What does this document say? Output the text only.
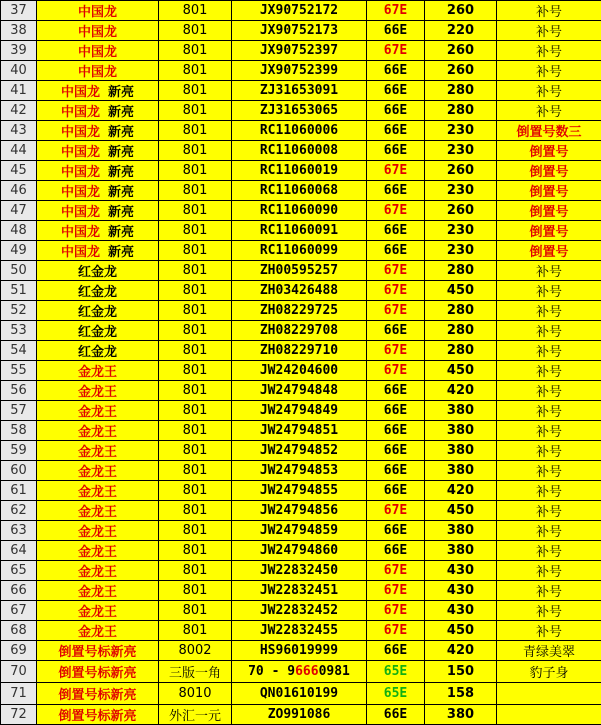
37	中国龙	801	JX90752172	67E	260	补号
38	中国龙	801	JX90752173	66E	220	补号
39	中国龙	801	JX90752397	67E	260	补号
40	中国龙	801	JX90752399	66E	260	补号
41	中国龙 新亮	801	ZJ31653091	66E	280	补号
42	中国龙 新亮	801	ZJ31653065	66E	280	补号
43	中国龙 新亮	801	RC11060006	66E	230	倒置号数三
44	中国龙 新亮	801	RC11060008	66E	230	倒置号
45	中国龙 新亮	801	RC11060019	67E	260	倒置号
46	中国龙 新亮	801	RC11060068	66E	230	倒置号
47	中国龙 新亮	801	RC11060090	67E	260	倒置号
48	中国龙 新亮	801	RC11060091	66E	230	倒置号
49	中国龙 新亮	801	RC11060099	66E	230	倒置号
50	红金龙	801	ZH00595257	67E	280	补号
51	红金龙	801	ZH03426488	67E	450	补号
52	红金龙	801	ZH08229725	67E	280	补号
53	红金龙	801	ZH08229708	66E	280	补号
54	红金龙	801	ZH08229710	67E	280	补号
55	金龙王	801	JW24204600	67E	450	补号
56	金龙王	801	JW24794848	66E	420	补号
57	金龙王	801	JW24794849	66E	380	补号
58	金龙王	801	JW24794851	66E	380	补号
59	金龙王	801	JW24794852	66E	380	补号
60	金龙王	801	JW24794853	66E	380	补号
61	金龙王	801	JW24794855	66E	420	补号
62	金龙王	801	JW24794856	67E	450	补号
63	金龙王	801	JW24794859	66E	380	补号
64	金龙王	801	JW24794860	66E	380	补号
65	金龙王	801	JW22832450	67E	430	补号
66	金龙王	801	JW22832451	67E	430	补号
67	金龙王	801	JW22832452	67E	430	补号
68	金龙王	801	JW22832455	67E	450	补号
69	倒置号标新亮	8002	HS96019999	66E	420	青绿美翠
70	倒置号标新亮	三版一角	70 - 96660981	65E	150	豹子身
71	倒置号标新亮	8010	QN01610199	65E	158	
72	倒置号标新亮	外汇一元	ZO991086	66E	380	
